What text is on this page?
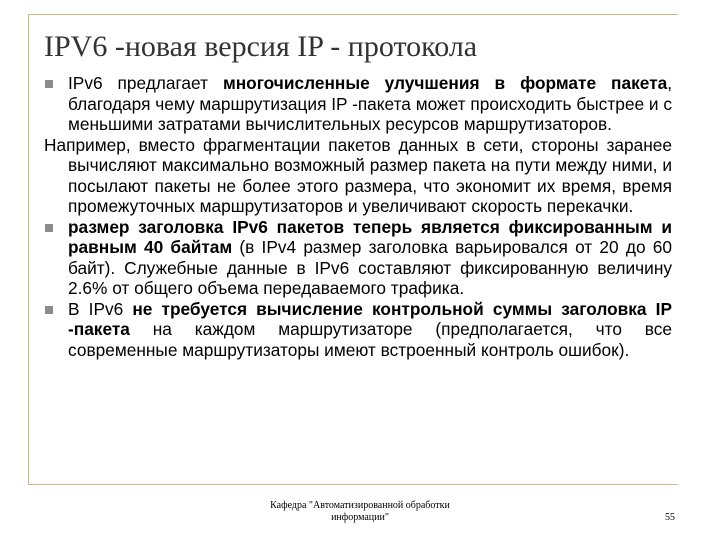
IPV6 -новая версия IP - протокола
IPv6 предлагает многочисленные улучшения в формате пакета, благодаря чему маршрутизация IP -пакета может происходить быстрее и с меньшими затратами вычислительных ресурсов маршрутизаторов.
Например, вместо фрагментации пакетов данных в сети, стороны заранее вычисляют максимально возможный размер пакета на пути между ними, и посылают пакеты не более этого размера, что экономит их время, время промежуточных маршрутизаторов и увеличивают скорость перекачки.
размер заголовка IPv6 пакетов теперь является фиксированным и равным 40 байтам (в IPv4 размер заголовка варьировался от 20 до 60 байт). Служебные данные в IPv6 составляют фиксированную величину 2.6% от общего объема передаваемого трафика.
В IPv6 не требуется вычисление контрольной суммы заголовка IP -пакета на каждом маршрутизаторе (предполагается, что все современные маршрутизаторы имеют встроенный контроль ошибок).
Кафедра "Автоматизированной обработки информации"	55
